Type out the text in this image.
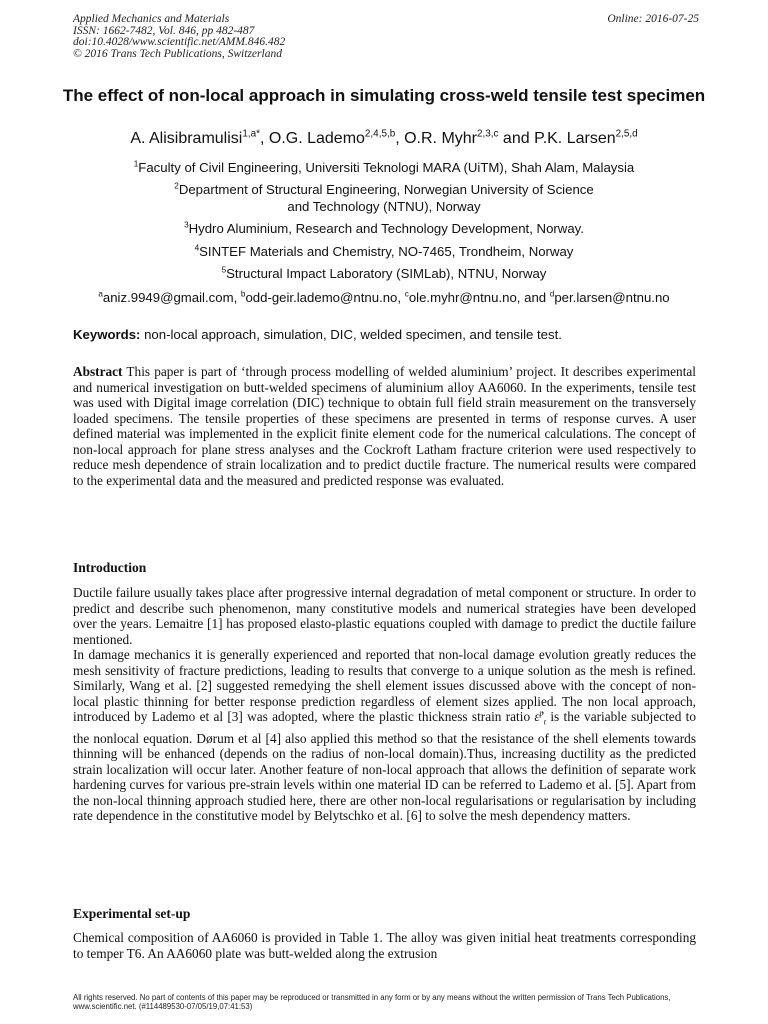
Applied Mechanics and Materials
ISSN: 1662-7482, Vol. 846, pp 482-487
doi:10.4028/www.scientific.net/AMM.846.482
© 2016 Trans Tech Publications, Switzerland
Online: 2016-07-25
The effect of non-local approach in simulating cross-weld tensile test specimen
A. Alisibramulisi$^{1,a*}$, O.G. Lademo$^{2,4,5,b}$, O.R. Myhr$^{2,3,c}$ and P.K. Larsen$^{2,5,d}$
$^1$Faculty of Civil Engineering, Universiti Teknologi MARA (UiTM), Shah Alam, Malaysia
$^2$Department of Structural Engineering, Norwegian University of Science
and Technology (NTNU), Norway
$^3$Hydro Aluminium, Research and Technology Development, Norway.
$^4$SINTEF Materials and Chemistry, NO-7465, Trondheim, Norway
$^5$Structural Impact Laboratory (SIMLab), NTNU, Norway
$^a$aniz.9949@gmail.com, $^b$odd-geir.lademo@ntnu.no, $^c$ole.myhr@ntnu.no, and $^d$per.larsen@ntnu.no
Keywords: non-local approach, simulation, DIC, welded specimen, and tensile test.

Abstract This paper is part of ‘through process modelling of welded aluminium’ project. It describes experimental and numerical investigation on butt-welded specimens of aluminium alloy AA6060. In the experiments, tensile test was used with Digital image correlation (DIC) technique to obtain full field strain measurement on the transversely loaded specimens. The tensile properties of these specimens are presented in terms of response curves. A user defined material was implemented in the explicit finite element code for the numerical calculations. The concept of non-local approach for plane stress analyses and the Cockroft Latham fracture criterion were used respectively to reduce mesh dependence of strain localization and to predict ductile fracture. The numerical results were compared to the experimental data and the measured and predicted response was evaluated.

Introduction

Ductile failure usually takes place after progressive internal degradation of metal component or structure. In order to predict and describe such phenomenon, many constitutive models and numerical strategies have been developed over the years. Lemaitre [1] has proposed elasto-plastic equations coupled with damage to predict the ductile failure mentioned.

In damage mechanics it is generally experienced and reported that non-local damage evolution greatly reduces the mesh sensitivity of fracture predictions, leading to results that converge to a unique solution as the mesh is refined. Similarly, Wang et al. [2] suggested remedying the shell element issues discussed above with the concept of non-local plastic thinning for better response prediction regardless of element sizes applied. The non local approach, introduced by Lademo et al [3] was adopted, where the plastic thickness strain ratio ε̇$^p_t$ is the variable subjected to the nonlocal equation. Dørum et al [4] also applied this method so that the resistance of the shell elements towards thinning will be enhanced (depends on the radius of non-local domain).Thus, increasing ductility as the predicted strain localization will occur later. Another feature of non-local approach that allows the definition of separate work hardening curves for various pre-strain levels within one material ID can be referred to Lademo et al. [5]. Apart from the non-local thinning approach studied here, there are other non-local regularisations or regularisation by including rate dependence in the constitutive model by Belytschko et al. [6] to solve the mesh dependency matters.

Experimental set-up

Chemical composition of AA6060 is provided in Table 1. The alloy was given initial heat treatments corresponding to temper T6. An AA6060 plate was butt-welded along the extrusion

All rights reserved. No part of contents of this paper may be reproduced or transmitted in any form or by any means without the written permission of Trans Tech Publications, www.scientific.net. (#114489530-07/05/19,07:41:53)
